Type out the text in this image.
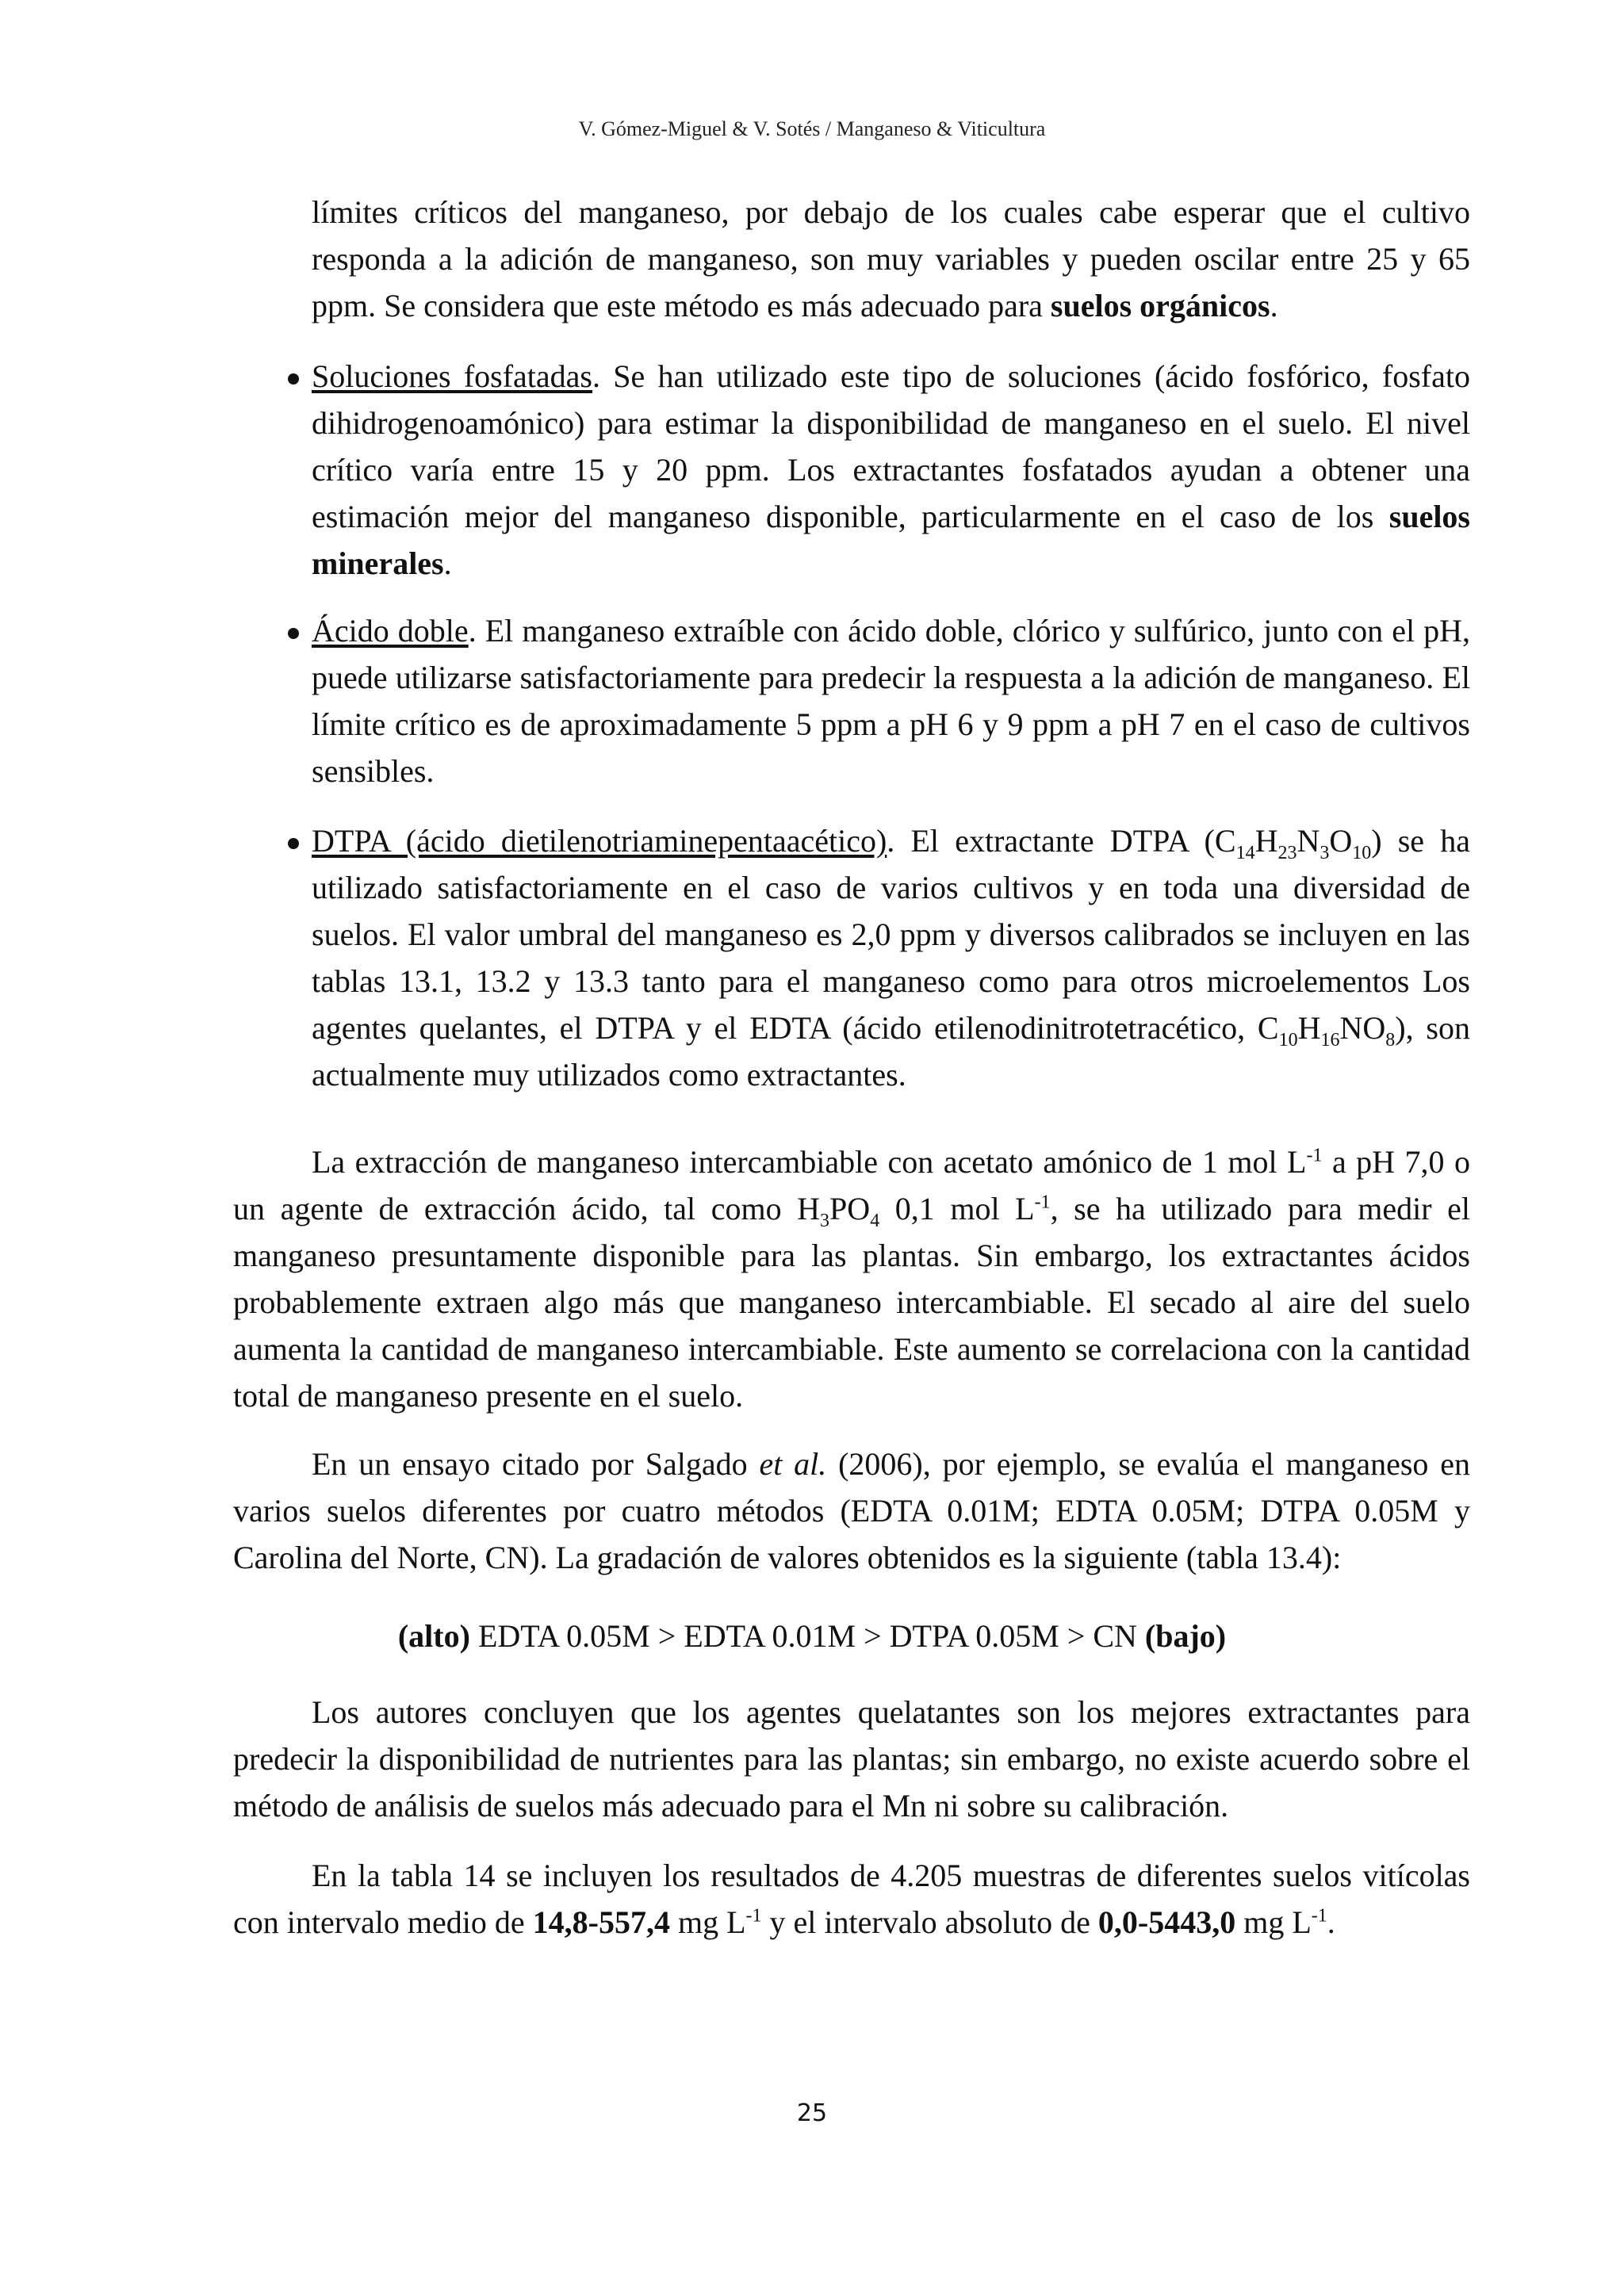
V. Gómez-Miguel & V. Sotés / Manganeso & Viticultura
límites críticos del manganeso, por debajo de los cuales cabe esperar que el cultivo responda a la adición de manganeso, son muy variables y pueden oscilar entre 25 y 65 ppm. Se considera que este método es más adecuado para suelos orgánicos.
Soluciones fosfatadas. Se han utilizado este tipo de soluciones (ácido fosfórico, fosfato dihidrogenoamónico) para estimar la disponibilidad de manganeso en el suelo. El nivel crítico varía entre 15 y 20 ppm. Los extractantes fosfatados ayudan a obtener una estimación mejor del manganeso disponible, particularmente en el caso de los suelos minerales.
Ácido doble. El manganeso extraíble con ácido doble, clórico y sulfúrico, junto con el pH, puede utilizarse satisfactoriamente para predecir la respuesta a la adición de manganeso. El límite crítico es de aproximadamente 5 ppm a pH 6 y 9 ppm a pH 7 en el caso de cultivos sensibles.
DTPA (ácido dietilenotriaminepentaacético). El extractante DTPA $(C_{14}H_{23}N_3O_{10})$ se ha utilizado satisfactoriamente en el caso de varios cultivos y en toda una diversidad de suelos. El valor umbral del manganeso es 2,0 ppm y diversos calibrados se incluyen en las tablas 13.1, 13.2 y 13.3 tanto para el manganeso como para otros microelementos Los agentes quelantes, el DTPA y el EDTA (ácido etilenodinitrotetracético, $C_{10}H_{16}NO_8$), son actualmente muy utilizados como extractantes.
La extracción de manganeso intercambiable con acetato amónico de 1 mol $L^{-1}$ a pH 7,0 o un agente de extracción ácido, tal como $H_3PO_4$ 0,1 mol $L^{-1}$, se ha utilizado para medir el manganeso presuntamente disponible para las plantas. Sin embargo, los extractantes ácidos probablemente extraen algo más que manganeso intercambiable. El secado al aire del suelo aumenta la cantidad de manganeso intercambiable. Este aumento se correlaciona con la cantidad total de manganeso presente en el suelo.
En un ensayo citado por Salgado et al. (2006), por ejemplo, se evalúa el manganeso en varios suelos diferentes por cuatro métodos (EDTA 0.01M; EDTA 0.05M; DTPA 0.05M y Carolina del Norte, CN). La gradación de valores obtenidos es la siguiente (tabla 13.4):
(alto) EDTA 0.05M > EDTA 0.01M > DTPA 0.05M > CN (bajo)
Los autores concluyen que los agentes quelatantes son los mejores extractantes para predecir la disponibilidad de nutrientes para las plantas; sin embargo, no existe acuerdo sobre el método de análisis de suelos más adecuado para el Mn ni sobre su calibración.
En la tabla 14 se incluyen los resultados de 4.205 muestras de diferentes suelos vitícolas con intervalo medio de 14,8-557,4 mg $L^{-1}$ y el intervalo absoluto de 0,0-5443,0 mg $L^{-1}$.
25
